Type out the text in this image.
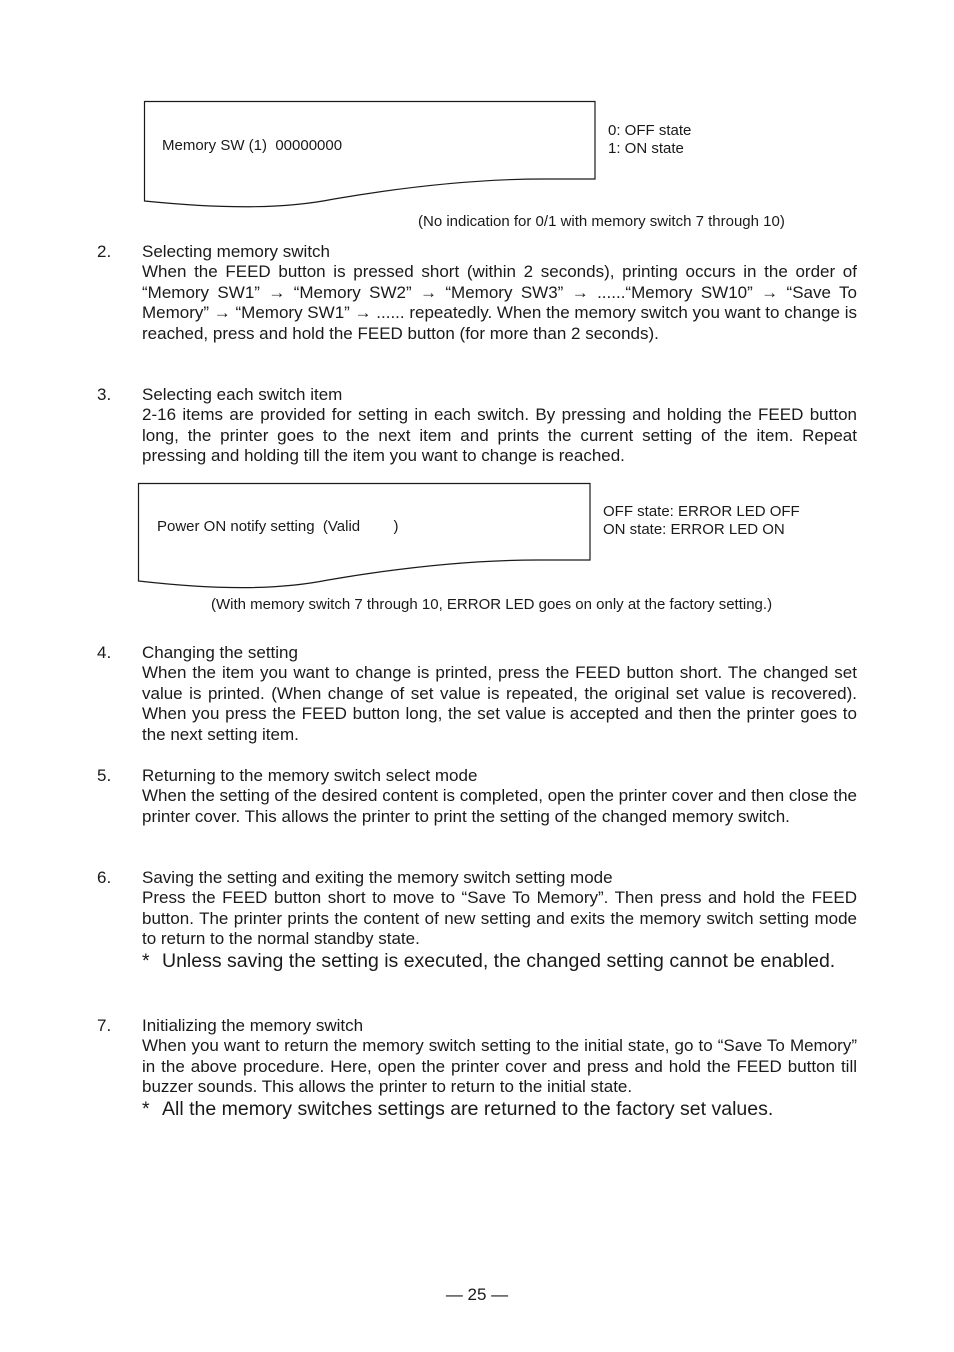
Memory SW (1)  00000000
0: OFF state
1: ON state
(No indication for 0/1 with memory switch 7 through 10)
2. Selecting memory switch
When the FEED button is pressed short (within 2 seconds), printing occurs in the order of “Memory SW1” → “Memory SW2” → “Memory SW3” → ......“Memory SW10” → “Save To Memory” → “Memory SW1” → ...... repeatedly. When the memory switch you want to change is reached, press and hold the FEED button (for more than 2 seconds).
3. Selecting each switch item
2-16 items are provided for setting in each switch. By pressing and holding the FEED button long, the printer goes to the next item and prints the current setting of the item. Repeat pressing and holding till the item you want to change is reached.
Power ON notify setting  (Valid        )
OFF state: ERROR LED OFF
ON state: ERROR LED ON
(With memory switch 7 through 10, ERROR LED goes on only at the factory setting.)
4. Changing the setting
When the item you want to change is printed, press the FEED button short. The changed set value is printed. (When change of set value is repeated, the original set value is recovered). When you press the FEED button long, the set value is accepted and then the printer goes to the next setting item.
5. Returning to the memory switch select mode
When the setting of the desired content is completed, open the printer cover and then close the printer cover. This allows the printer to print the setting of the changed memory switch.
6. Saving the setting and exiting the memory switch setting mode
Press the FEED button short to move to “Save To Memory”. Then press and hold the FEED button. The printer prints the content of new setting and exits the memory switch setting mode to return to the normal standby state.
* Unless saving the setting is executed, the changed setting cannot be enabled.
7. Initializing the memory switch
When you want to return the memory switch setting to the initial state, go to “Save To Memory” in the above procedure. Here, open the printer cover and press and hold the FEED button till buzzer sounds. This allows the printer to return to the initial state.
* All the memory switches settings are returned to the factory set values.
— 25 —
